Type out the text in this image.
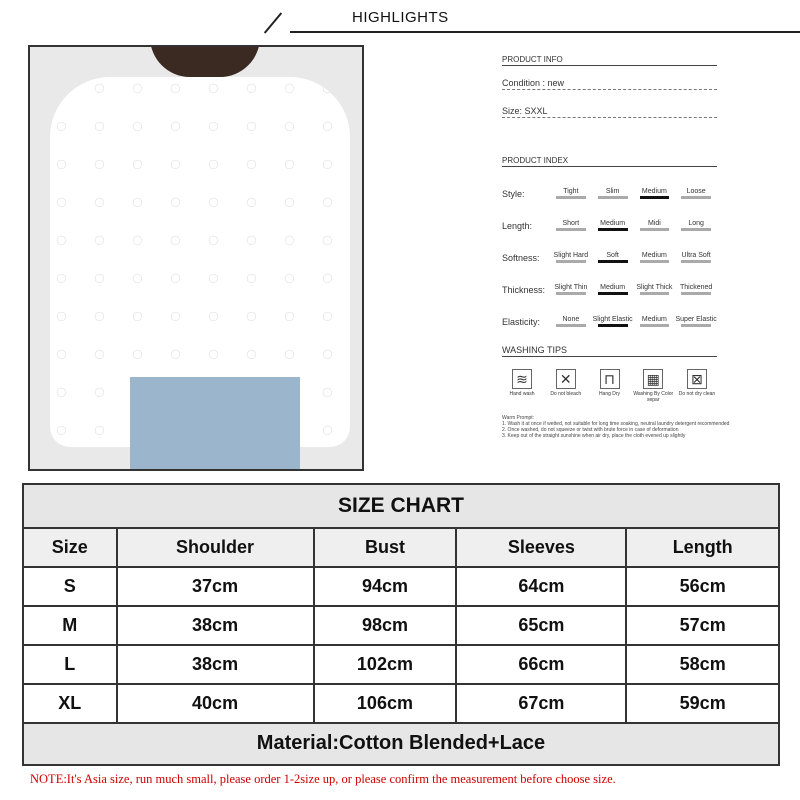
HIGHLIGHTS
PRODUCT INFO
Condition : new
Size: SXXL
PRODUCT INDEX
Style:	Tight	Slim	Medium	Loose
Length:	Short	Medium	Midi	Long
Softness:	Slight Hard	Soft	Medium	Ultra Soft
Thickness:	Slight Thin	Medium	Slight Thick	Thickened
Elasticity:	None	Slight Elastic	Medium	Super Elastic
WASHING TIPS
≋
Hand wash
✕
Do not bleach
⊓
Hang Dry
▦
Washing By Color separ
⊠
Do not dry clean
Warm Prompt:
1. Wash it at once if wetted, not suitable for long time soaking, neutral laundry detergent recommended
2. Once washed, do not squeeze or twist with brute force in case of deformation
3. Keep out of the straight sunshine when air dry, place the cloth evened up slightly
SIZE CHART				
Size	Shoulder	Bust	Sleeves	Length
S	37cm	94cm	64cm	56cm
M	38cm	98cm	65cm	57cm
L	38cm	102cm	66cm	58cm
XL	40cm	106cm	67cm	59cm
Material:Cotton Blended+Lace				
NOTE:It's Asia size, run much small, please order 1-2size up, or please confirm the measurement before choose size.
